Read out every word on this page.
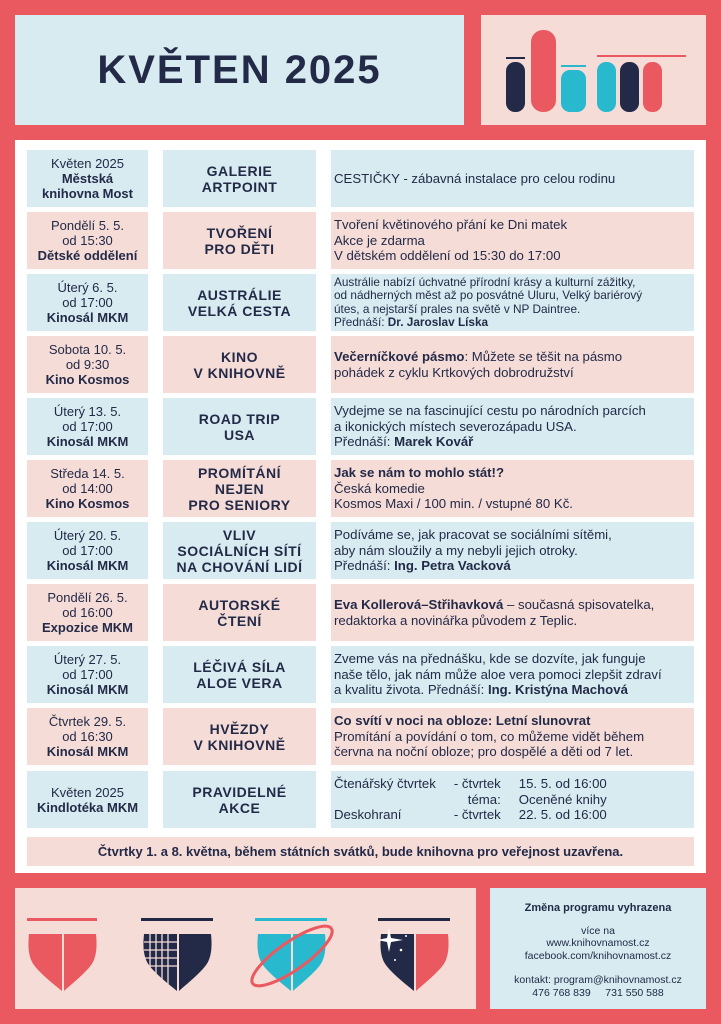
KVĚTEN 2025
Květen 2025
Městská
knihovna Most
GALERIE
ARTPOINT
CESTIČKY - zábavná instalace pro celou rodinu
Pondělí 5. 5.
od 15:30
Dětské oddělení
TVOŘENÍ
PRO DĚTI
Tvoření květinového přání ke Dni matek
Akce je zdarma
V dětském oddělení od 15:30 do 17:00
Úterý 6. 5.
od 17:00
Kinosál MKM
AUSTRÁLIE
VELKÁ CESTA
Austrálie nabízí úchvatné přírodní krásy a kulturní zážitky,
od nádherných měst až po posvátné Uluru, Velký bariérový
útes, a nejstarší prales na světě v NP Daintree.
Přednáší: Dr. Jaroslav Líska
Sobota 10. 5.
od 9:30
Kino Kosmos
KINO
V KNIHOVNĚ
Večerníčkové pásmo: Můžete se těšit na pásmo
pohádek z cyklu Krtkových dobrodružství
Úterý 13. 5.
od 17:00
Kinosál MKM
ROAD TRIP
USA
Vydejme se na fascinující cestu po národních parcích
a ikonických místech severozápadu USA.
Přednáší: Marek Kovář
Středa 14. 5.
od 14:00
Kino Kosmos
PROMÍTÁNÍ
NEJEN
PRO SENIORY
Jak se nám to mohlo stát!?
Česká komedie
Kosmos Maxi / 100 min. / vstupné 80 Kč.
Úterý 20. 5.
od 17:00
Kinosál MKM
VLIV
SOCIÁLNÍCH SÍTÍ
NA CHOVÁNÍ LIDÍ
Podíváme se, jak pracovat se sociálními sítěmi,
aby nám sloužily a my nebyli jejich otroky.
Přednáší: Ing. Petra Vacková
Pondělí 26. 5.
od 16:00
Expozice MKM
AUTORSKÉ
ČTENÍ
Eva Kollerová–Střihavková – současná spisovatelka,
redaktorka a novinářka původem z Teplic.
Úterý 27. 5.
od 17:00
Kinosál MKM
LÉČIVÁ SÍLA
ALOE VERA
Zveme vás na přednášku, kde se dozvíte, jak funguje
naše tělo, jak nám může aloe vera pomoci zlepšit zdraví
a kvalitu života. Přednáší: Ing. Kristýna Machová
Čtvrtek 29. 5.
od 16:30
Kinosál MKM
HVĚZDY
V KNIHOVNĚ
Co svítí v noci na obloze: Letní slunovrat
Promítání a povídání o tom, co můžeme vidět během
června na noční obloze; pro dospělé a děti od 7 let.
Květen 2025
Kindlotéka MKM
PRAVIDELNÉ
AKCE
Čtenářský čtvrtek - čtvrtek 15. 5. od 16:00
téma: Oceněné knihy
Deskohraní	- čtvrtek 22. 5. od 16:00
Čtvrtky 1. a 8. května, během státních svátků, bude knihovna pro veřejnost uzavřena.
Změna programu vyhrazena
více na
www.knihovnamost.cz
facebook.com/knihovnamost.cz
kontakt: program@knihovnamost.cz
476 768 839 731 550 588
